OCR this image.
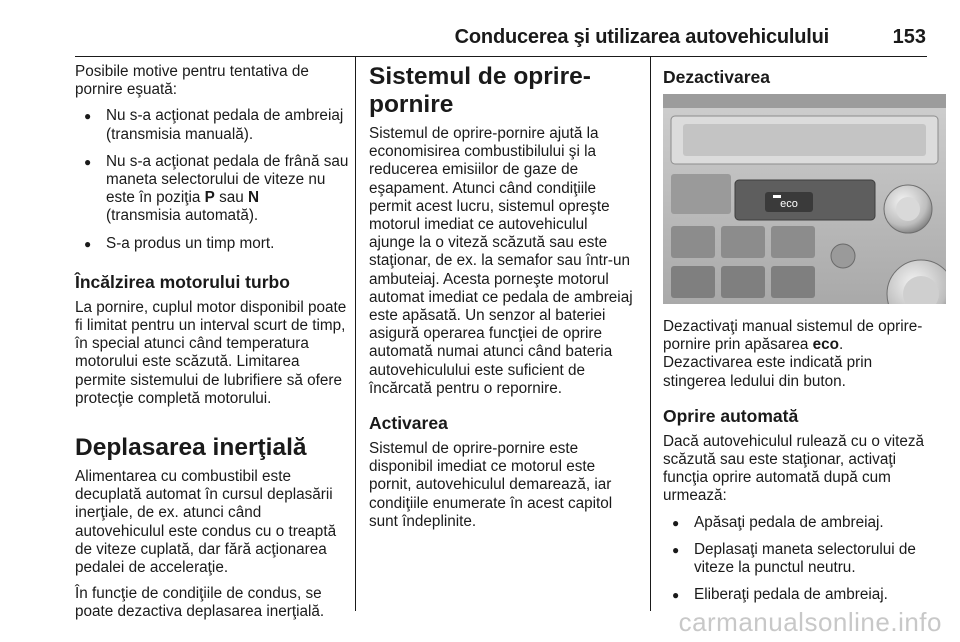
Conducerea şi utilizarea autovehiculului	153

Posibile motive pentru tentativa de pornire eşuată:

● Nu s-a acţionat pedala de ambreiaj (transmisia manuală).
● Nu s-a acţionat pedala de frână sau maneta selectorului de viteze nu este în poziţia P sau N
(transmisia automată).
● S-a produs un timp mort.
Încălzirea motorului turbo

La pornire, cuplul motor disponibil poate fi limitat pentru un interval scurt de timp, în special atunci când temperatura motorului este scăzută. Limitarea permite sistemului de lubrifiere să ofere protecţie completă motorului.

Deplasarea inerţială

Alimentarea cu combustibil este decuplată automat în cursul deplasării inerţiale, de ex. atunci când autovehiculul este condus cu o treaptă de viteze cuplată, dar fără acţionarea pedalei de acceleraţie.

În funcţie de condiţiile de condus, se poate dezactiva deplasarea inerţială.

Sistemul de oprire-pornire

Sistemul de oprire-pornire ajută la economisirea combustibilului şi la reducerea emisiilor de gaze de eşapament. Atunci când condiţiile permit acest lucru, sistemul opreşte motorul imediat ce autovehiculul ajunge la o viteză scăzută sau este staţionar, de ex. la semafor sau într-un ambuteiaj. Acesta porneşte motorul automat imediat ce pedala de ambreiaj este apăsată. Un senzor al bateriei asigură operarea funcţiei de oprire automată numai atunci când bateria autovehiculului este suficient de încărcată pentru o repornire.

Activarea

Sistemul de oprire-pornire este disponibil imediat ce motorul este pornit, autovehiculul demarează, iar condiţiile enumerate în acest capitol sunt îndeplinite.

Dezactivarea
eco

Dezactivaţi manual sistemul de oprire-pornire prin apăsarea eco. Dezactivarea este indicată prin stingerea ledului din buton.

Oprire automată

Dacă autovehiculul rulează cu o viteză scăzută sau este staţionar, activaţi funcţia oprire automată după cum urmează:

● Apăsaţi pedala de ambreiaj.
● Deplasaţi maneta selectorului de viteze la punctul neutru.
● Eliberaţi pedala de ambreiaj.
carmanualsonline.info
